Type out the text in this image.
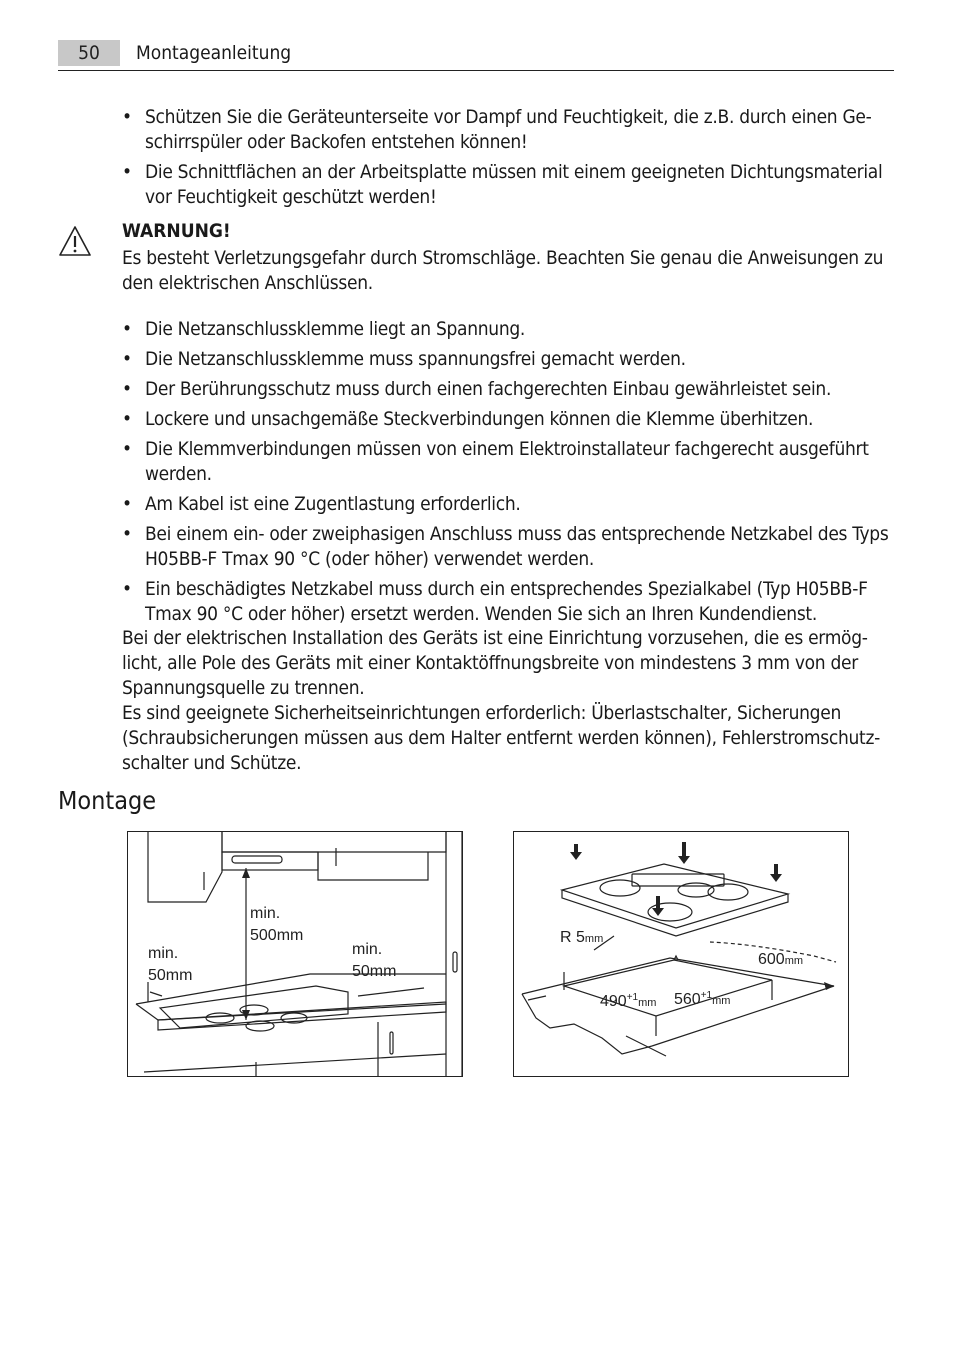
50	Montageanleitung
• Schützen Sie die Geräteunterseite vor Dampf und Feuchtigkeit, die z.B. durch einen Ge-schirrspüler oder Backofen entstehen können!
• Die Schnittflächen an der Arbeitsplatte müssen mit einem geeigneten Dichtungsmaterial vor Feuchtigkeit geschützt werden!
WARNUNG!
Es besteht Verletzungsgefahr durch Stromschläge. Beachten Sie genau die Anweisungen zu den elektrischen Anschlüssen.
• Die Netzanschlussklemme liegt an Spannung.
• Die Netzanschlussklemme muss spannungsfrei gemacht werden.
• Der Berührungsschutz muss durch einen fachgerechten Einbau gewährleistet sein.
• Lockere und unsachgemäße Steckverbindungen können die Klemme überhitzen.
• Die Klemmverbindungen müssen von einem Elektroinstallateur fachgerecht ausgeführt werden.
• Am Kabel ist eine Zugentlastung erforderlich.
• Bei einem ein- oder zweiphasigen Anschluss muss das entsprechende Netzkabel des Typs H05BB-F Tmax 90 °C (oder höher) verwendet werden.
• Ein beschädigtes Netzkabel muss durch ein entsprechendes Spezialkabel (Typ H05BB-F Tmax 90 °C oder höher) ersetzt werden. Wenden Sie sich an Ihren Kundendienst.

Bei der elektrischen Installation des Geräts ist eine Einrichtung vorzusehen, die es ermög-licht, alle Pole des Geräts mit einer Kontaktöffnungsbreite von mindestens 3 mm von der Spannungsquelle zu trennen.

Es sind geeignete Sicherheitseinrichtungen erforderlich: Überlastschalter, Sicherungen (Schraubsicherungen müssen aus dem Halter entfernt werden können), Fehlerstromschutz-schalter und Schütze.

Montage
min.
500mm
min.
50mm
min.
50mm
R 5mm
600mm
$490^{+1}_{mm}$ $560^{+1}_{mm}$
